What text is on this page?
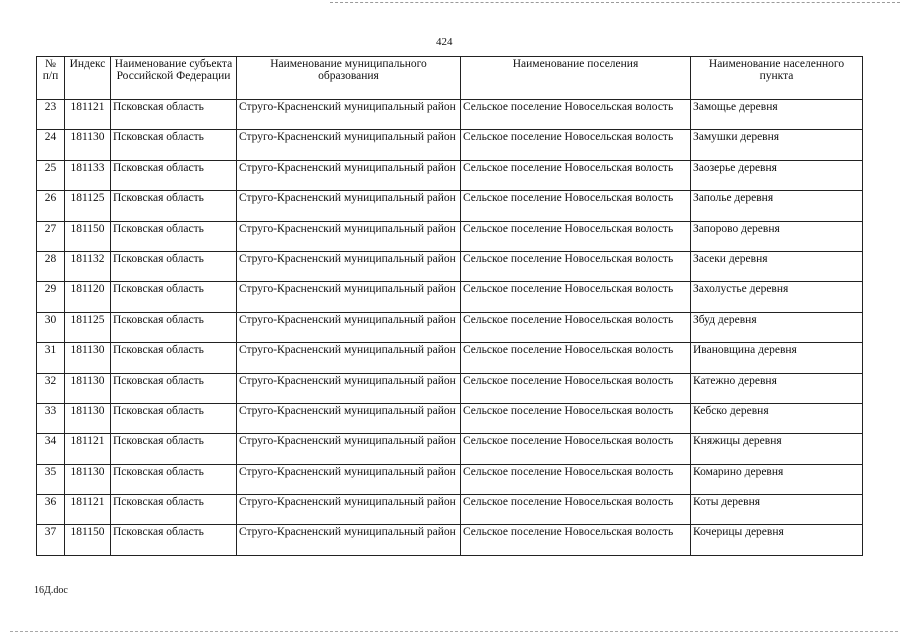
424
№ п/п	Индекс	Наименование субъекта Российской Федерации	Наименование муниципального образования	Наименование поселения	Наименование населенного пункта
23	181121	Псковская область	Струго-Красненский муниципальный район	Сельское поселение Новосельская волость	Замощье деревня
24	181130	Псковская область	Струго-Красненский муниципальный район	Сельское поселение Новосельская волость	Замушки деревня
25	181133	Псковская область	Струго-Красненский муниципальный район	Сельское поселение Новосельская волость	Заозерье деревня
26	181125	Псковская область	Струго-Красненский муниципальный район	Сельское поселение Новосельская волость	Заполье деревня
27	181150	Псковская область	Струго-Красненский муниципальный район	Сельское поселение Новосельская волость	Запорово деревня
28	181132	Псковская область	Струго-Красненский муниципальный район	Сельское поселение Новосельская волость	Засеки деревня
29	181120	Псковская область	Струго-Красненский муниципальный район	Сельское поселение Новосельская волость	Захолустье деревня
30	181125	Псковская область	Струго-Красненский муниципальный район	Сельское поселение Новосельская волость	Збуд деревня
31	181130	Псковская область	Струго-Красненский муниципальный район	Сельское поселение Новосельская волость	Ивановщина деревня
32	181130	Псковская область	Струго-Красненский муниципальный район	Сельское поселение Новосельская волость	Катежно деревня
33	181130	Псковская область	Струго-Красненский муниципальный район	Сельское поселение Новосельская волость	Кебско деревня
34	181121	Псковская область	Струго-Красненский муниципальный район	Сельское поселение Новосельская волость	Княжицы деревня
35	181130	Псковская область	Струго-Красненский муниципальный район	Сельское поселение Новосельская волость	Комарино деревня
36	181121	Псковская область	Струго-Красненский муниципальный район	Сельское поселение Новосельская волость	Коты деревня
37	181150	Псковская область	Струго-Красненский муниципальный район	Сельское поселение Новосельская волость	Кочерицы деревня
16Д.doc
